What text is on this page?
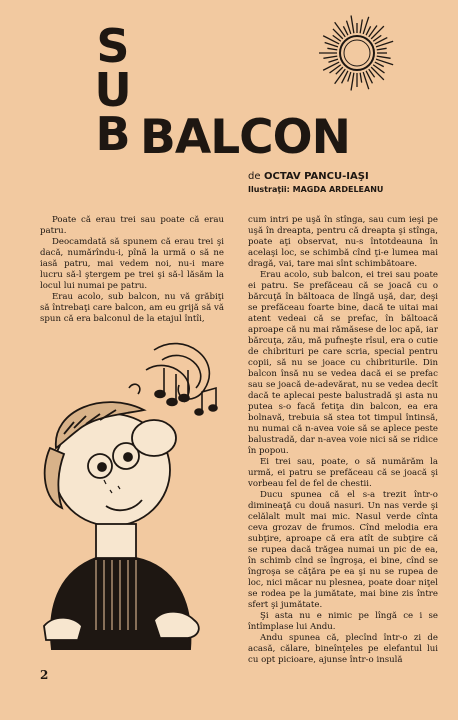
S
U
B BALCON
de OCTAV PANCU-IAŞI
Ilustraţii: MAGDA ARDELEANU

Poate că erau trei sau poate că erau patru.

Deocamdată să spunem că erau trei şi dacă, numărîndu-i, pînă la urmă o să ne iasă patru, mai vedem noi, nu-i mare lucru să-l ştergem pe trei şi să-l lăsăm la locul lui numai pe patru.

Erau acolo, sub balcon, nu vă grăbiţi să întrebaţi care balcon, am eu grijă să vă spun că era balconul de la etajul întîi,

cum intri pe uşă în stînga, sau cum ieşi pe uşă în dreapta, pentru că dreapta şi stînga, poate aţi observat, nu-s întotdeauna în acelaşi loc, se schimbă cînd ţi-e lumea mai dragă, vai, tare mai sînt schimbătoare.

Erau acolo, sub balcon, ei trei sau poate ei patru. Se prefăceau că se joacă cu o bărcuţă în băltoaca de lîngă uşă, dar, deşi se prefăceau foarte bine, dacă te uitai mai atent vedeai că se prefac, în băltoacă aproape că nu mai rămăsese de loc apă, iar bărcuţa, zău, mă pufneşte rîsul, era o cutie de chibrituri pe care scria, special pentru copii, să nu se joace cu chibriturile. Din balcon însă nu se vedea dacă ei se prefac sau se joacă de-adevărat, nu se vedea decît dacă te aplecai peste balustradă şi asta nu putea s-o facă fetiţa din balcon, ea era bolnavă, trebuia să stea tot timpul întinsă, nu numai că n-avea voie să se aplece peste balustradă, dar n-avea voie nici să se ridice în popou.

Ei trei sau, poate, o să numărăm la urmă, ei patru se prefăceau că se joacă şi vorbeau fel de fel de chestii.

Ducu spunea că el s-a trezit într-o dimineaţă cu două nasuri. Un nas verde şi celălalt mult mai mic. Nasul verde cînta ceva grozav de frumos. Cînd melodia era subţire, aproape că era atît de subţire că se rupea dacă trăgea numai un pic de ea, în schimb cînd se îngroşa, ei bine, cînd se îngroşa se căţăra pe ea şi nu se rupea de loc, nici măcar nu plesnea, poate doar niţel se rodea pe la jumătate, mai bine zis între sfert şi jumătate.

Şi asta nu e nimic pe lîngă ce i se întîmplase lui Andu.

Andu spunea că, plecînd într-o zi de acasă, călare, bineînţeles pe elefantul lui cu opt picioare, ajunse într-o insulă

2
